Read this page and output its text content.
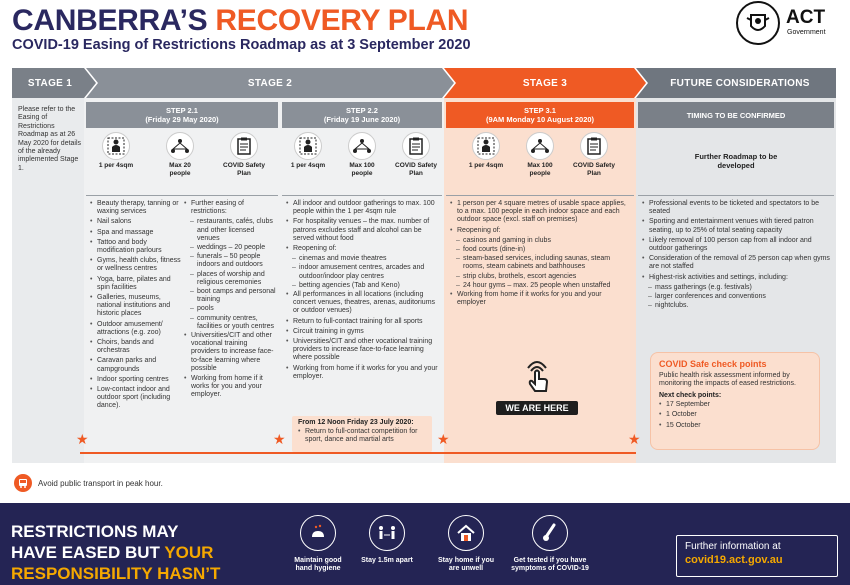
CANBERRA’S RECOVERY PLAN
COVID-19 Easing of Restrictions Roadmap as at 3 September 2020
ACT
Government
STAGE 1	STAGE 2	STAGE 3	FUTURE CONSIDERATIONS
Please refer to the Easing of Restrictions Roadmap as at 26 May 2020 for details of the already implemented Stage 1.
STEP 2.1
(Friday 29 May 2020)
STEP 2.2
(Friday 19 June 2020)
STEP 3.1
(9AM Monday 10 August 2020)	TIMING TO BE CONFIRMED
1 per 4sqm	Max 20 people
COVID Safety Plan
1 per 4sqm	Max 100 people
COVID Safety Plan
1 per 4sqm	Max 100 people
COVID Safety Plan
Further Roadmap to be developed
• Beauty therapy, tanning or waxing services
• Nail salons
• Spa and massage
• Tattoo and body modification parlours
• Gyms, health clubs, fitness or wellness centres
• Yoga, barre, pilates and spin facilities
• Galleries, museums, national institutions and historic places
• Outdoor amusement/ attractions (e.g. zoo)
• Choirs, bands and orchestras
• Caravan parks and campgrounds
• Indoor sporting centres
• Low-contact indoor and outdoor sport (including dance).
• Further easing of restrictions:
– restaurants, cafés, clubs and other licensed venues
– weddings – 20 people
– funerals – 50 people indoors and outdoors
– places of worship and religious ceremonies
– boot camps and personal training
– pools
– community centres, facilities or youth centres
• Universities/CIT and other vocational training providers to increase face-to-face learning where possible
• Working from home if it works for you and your employer.
• All indoor and outdoor gatherings to max. 100 people within the 1 per 4sqm rule
• For hospitality venues – the max. number of patrons excludes staff and alcohol can be served without food
• Reopening of:
– cinemas and movie theatres
– indoor amusement centres, arcades and outdoor/indoor play centres
– betting agencies (Tab and Keno)
• All performances in all locations (including concert venues, theatres, arenas, auditoriums or outdoor venues)
• Return to full-contact training for all sports
• Circuit training in gyms
• Universities/CIT and other vocational training providers to increase face-to-face learning where possible
• Working from home if it works for you and your employer.
From 12 Noon Friday 23 July 2020:
• Return to full-contact competition for sport, dance and martial arts
• 1 person per 4 square metres of usable space applies, to a max. 100 people in each indoor space and each outdoor space (excl. staff on premises)
• Reopening of:
– casinos and gaming in clubs
– food courts (dine-in)
– steam-based services, including saunas, steam rooms, steam cabinets and bathhouses
– strip clubs, brothels, escort agencies
– 24 hour gyms – max. 25 people when unstaffed
• Working from home if it works for you and your employer
WE ARE HERE
• Professional events to be ticketed and spectators to be seated
• Sporting and entertainment venues with tiered patron seating, up to 25% of total seating capacity
• Likely removal of 100 person cap from all indoor and outdoor gatherings
• Consideration of the removal of 25 person cap when gyms are not staffed
• Highest-risk activities and settings, including:
– mass gatherings (e.g. festivals)
– larger conferences and conventions
– nightclubs.
COVID Safe check points
Public health risk assessment informed by monitoring the impacts of eased restrictions.
Next check points:
• 17 September
• 1 October
• 15 October
★	★	★	★
Avoid public transport in peak hour.
RESTRICTIONS MAY
HAVE EASED BUT YOUR
RESPONSIBILITY HASN’T
Maintain good hand hygiene
Stay 1.5m apart	Stay home if you are unwell
Get tested if you have symptoms of COVID-19
Further information at
covid19.act.gov.au
